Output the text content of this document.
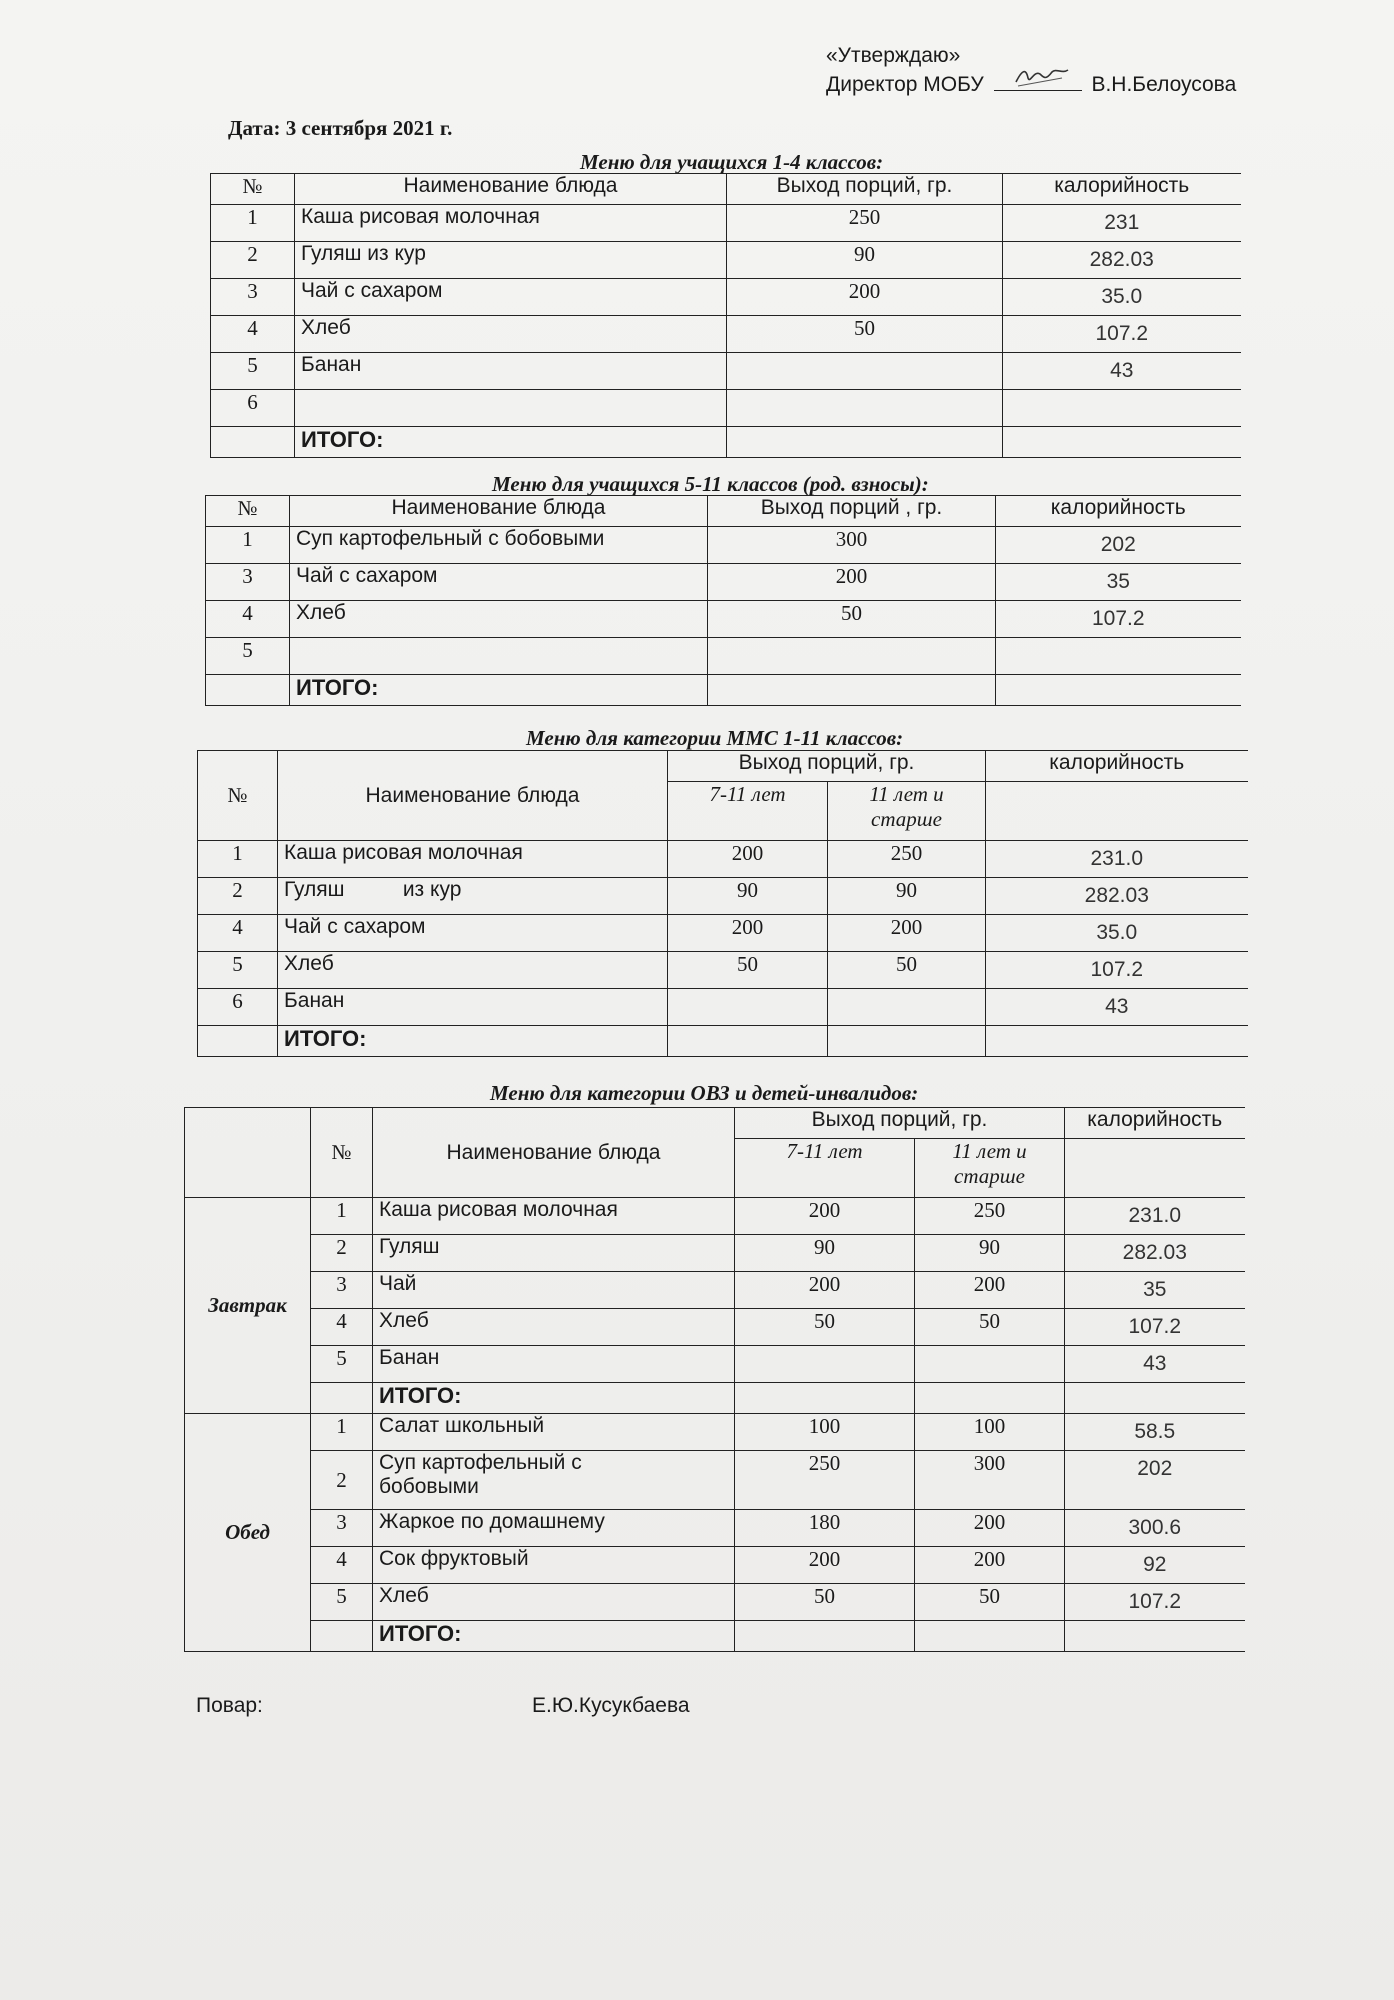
«Утверждаю»
Директор МОБУ	В.Н.Белоусова
Дата: 3 сентября 2021 г.
Меню для учащихся 1-4 классов:
№	Наименование блюда	Выход порций, гр.	калорийность
1	Каша рисовая молочная	250	231
2	Гуляш из кур	90	282.03
3	Чай с сахаром	200	35.0
4	Хлеб	50	107.2
5	Банан		43
6			
	ИТОГО:		
Меню для учащихся 5-11 классов (род. взносы):
№	Наименование блюда	Выход порций , гр.	калорийность
1	Суп картофельный с бобовыми	300	202
3	Чай с сахаром	200	35
4	Хлеб	50	107.2
5			
	ИТОГО:		
Меню для категории ММС 1-11 классов:
№	Наименование блюда	Выход порций, гр.		калорийность
		7-11 лет	11 лет и
старше	

1	Каша рисовая молочная	200	250	231.0
2	Гуляш          из кур	90	90	282.03
4	Чай с сахаром	200	200	35.0
5	Хлеб	50	50	107.2
6	Банан			43
	ИТОГО:			
Меню для категории ОВЗ и детей-инвалидов:
	№	Наименование блюда	Выход порций, гр.		калорийность
			7-11 лет	11 лет и
старше	

Завтрак	1	Каша рисовая молочная	200	250	231.0
	2	Гуляш	90	90	282.03
	3	Чай	200	200	35
	4	Хлеб	50	50	107.2
	5	Банан			43
		ИТОГО:			
Обед	1	Салат школьный	100	100	58.5
	2	Суп картофельный с
бобовыми	250	300	202
	3	Жаркое по домашнему	180	200	300.6
	4	Сок фруктовый	200	200	92
	5	Хлеб	50	50	107.2
		ИТОГО:			
Повар:	Е.Ю.Кусукбаева
